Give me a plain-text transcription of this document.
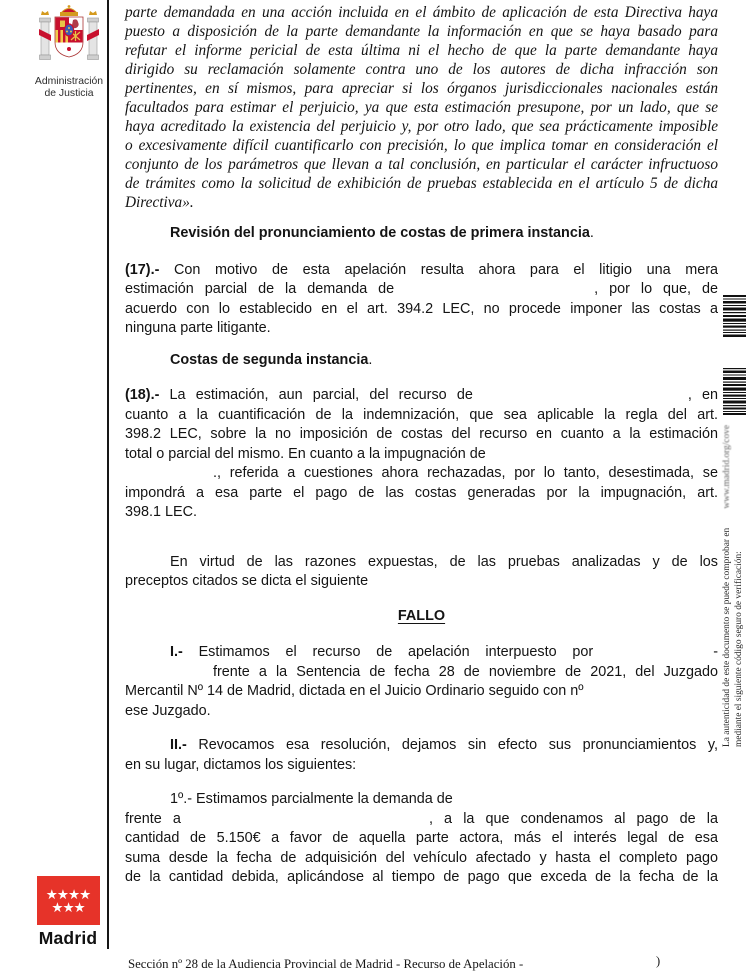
Administración
de Justicia
parte demandada en una acción incluida en el ámbito de aplicación de esta Directiva haya
puesto a disposición de la parte demandante la información en que se haya basado para
refutar el informe pericial de esta última ni el hecho de que la parte demandante haya
dirigido su reclamación solamente contra uno de los autores de dicha infracción son
pertinentes, en sí mismos, para apreciar si los órganos jurisdiccionales nacionales están
facultados para estimar el perjuicio, ya que esta estimación presupone, por un lado, que se
haya acreditado la existencia del perjuicio y, por otro lado, que sea prácticamente imposible
o excesivamente difícil cuantificarlo con precisión, lo que implica tomar en consideración el
conjunto de los parámetros que llevan a tal conclusión, en particular el carácter infructuoso
de trámites como la solicitud de exhibición de pruebas establecida en el artículo 5 de dicha
Directiva».
Revisión del pronunciamiento de costas de primera instancia.
(17).- Con motivo de esta apelación resulta ahora para el litigio una mera
estimación parcial de la demanda de	, por lo que, de
acuerdo con lo establecido en el art. 394.2 LEC, no procede imponer las costas a
ninguna parte litigante.
Costas de segunda instancia.
(18).- La estimación, aun parcial, del recurso de	, en
cuanto a la cuantificación de la indemnización, que sea aplicable la regla del art.
398.2 LEC, sobre la no imposición de costas del recurso en cuanto a la estimación
total o parcial del mismo. En cuanto a la impugnación de
., referida a cuestiones ahora rechazadas, por lo tanto, desestimada, se
impondrá a esa parte el pago de las costas generadas por la impugnación, art.
398.1 LEC.
En virtud de las razones expuestas, de las pruebas analizadas y de los
preceptos citados se dicta el siguiente
FALLO
I.- Estimamos el recurso de apelación interpuesto por	-
frente a la Sentencia de fecha 28 de noviembre de 2021, del Juzgado
Mercantil Nº 14 de Madrid, dictada en el Juicio Ordinario seguido con nº
ese Juzgado.
II.- Revocamos esa resolución, dejamos sin efecto sus pronunciamientos y,
en su lugar, dictamos los siguientes:
1º.- Estimamos parcialmente la demanda de
frente a	, a la que condenamos al pago de la
cantidad de 5.150€ a favor de aquella parte actora, más el interés legal de esa
suma desde la fecha de adquisición del vehículo afectado y hasta el completo pago
de la cantidad debida, aplicándose al tiempo de pago que exceda de la fecha de la
La autenticidad de este documento se puede comprobar en
www.madrid.org/cove
mediante el siguiente código seguro de verificación:
★★★★
★★★
Madrid
Sección nº 28 de la Audiencia Provincial de Madrid - Recurso de Apelación -	)
